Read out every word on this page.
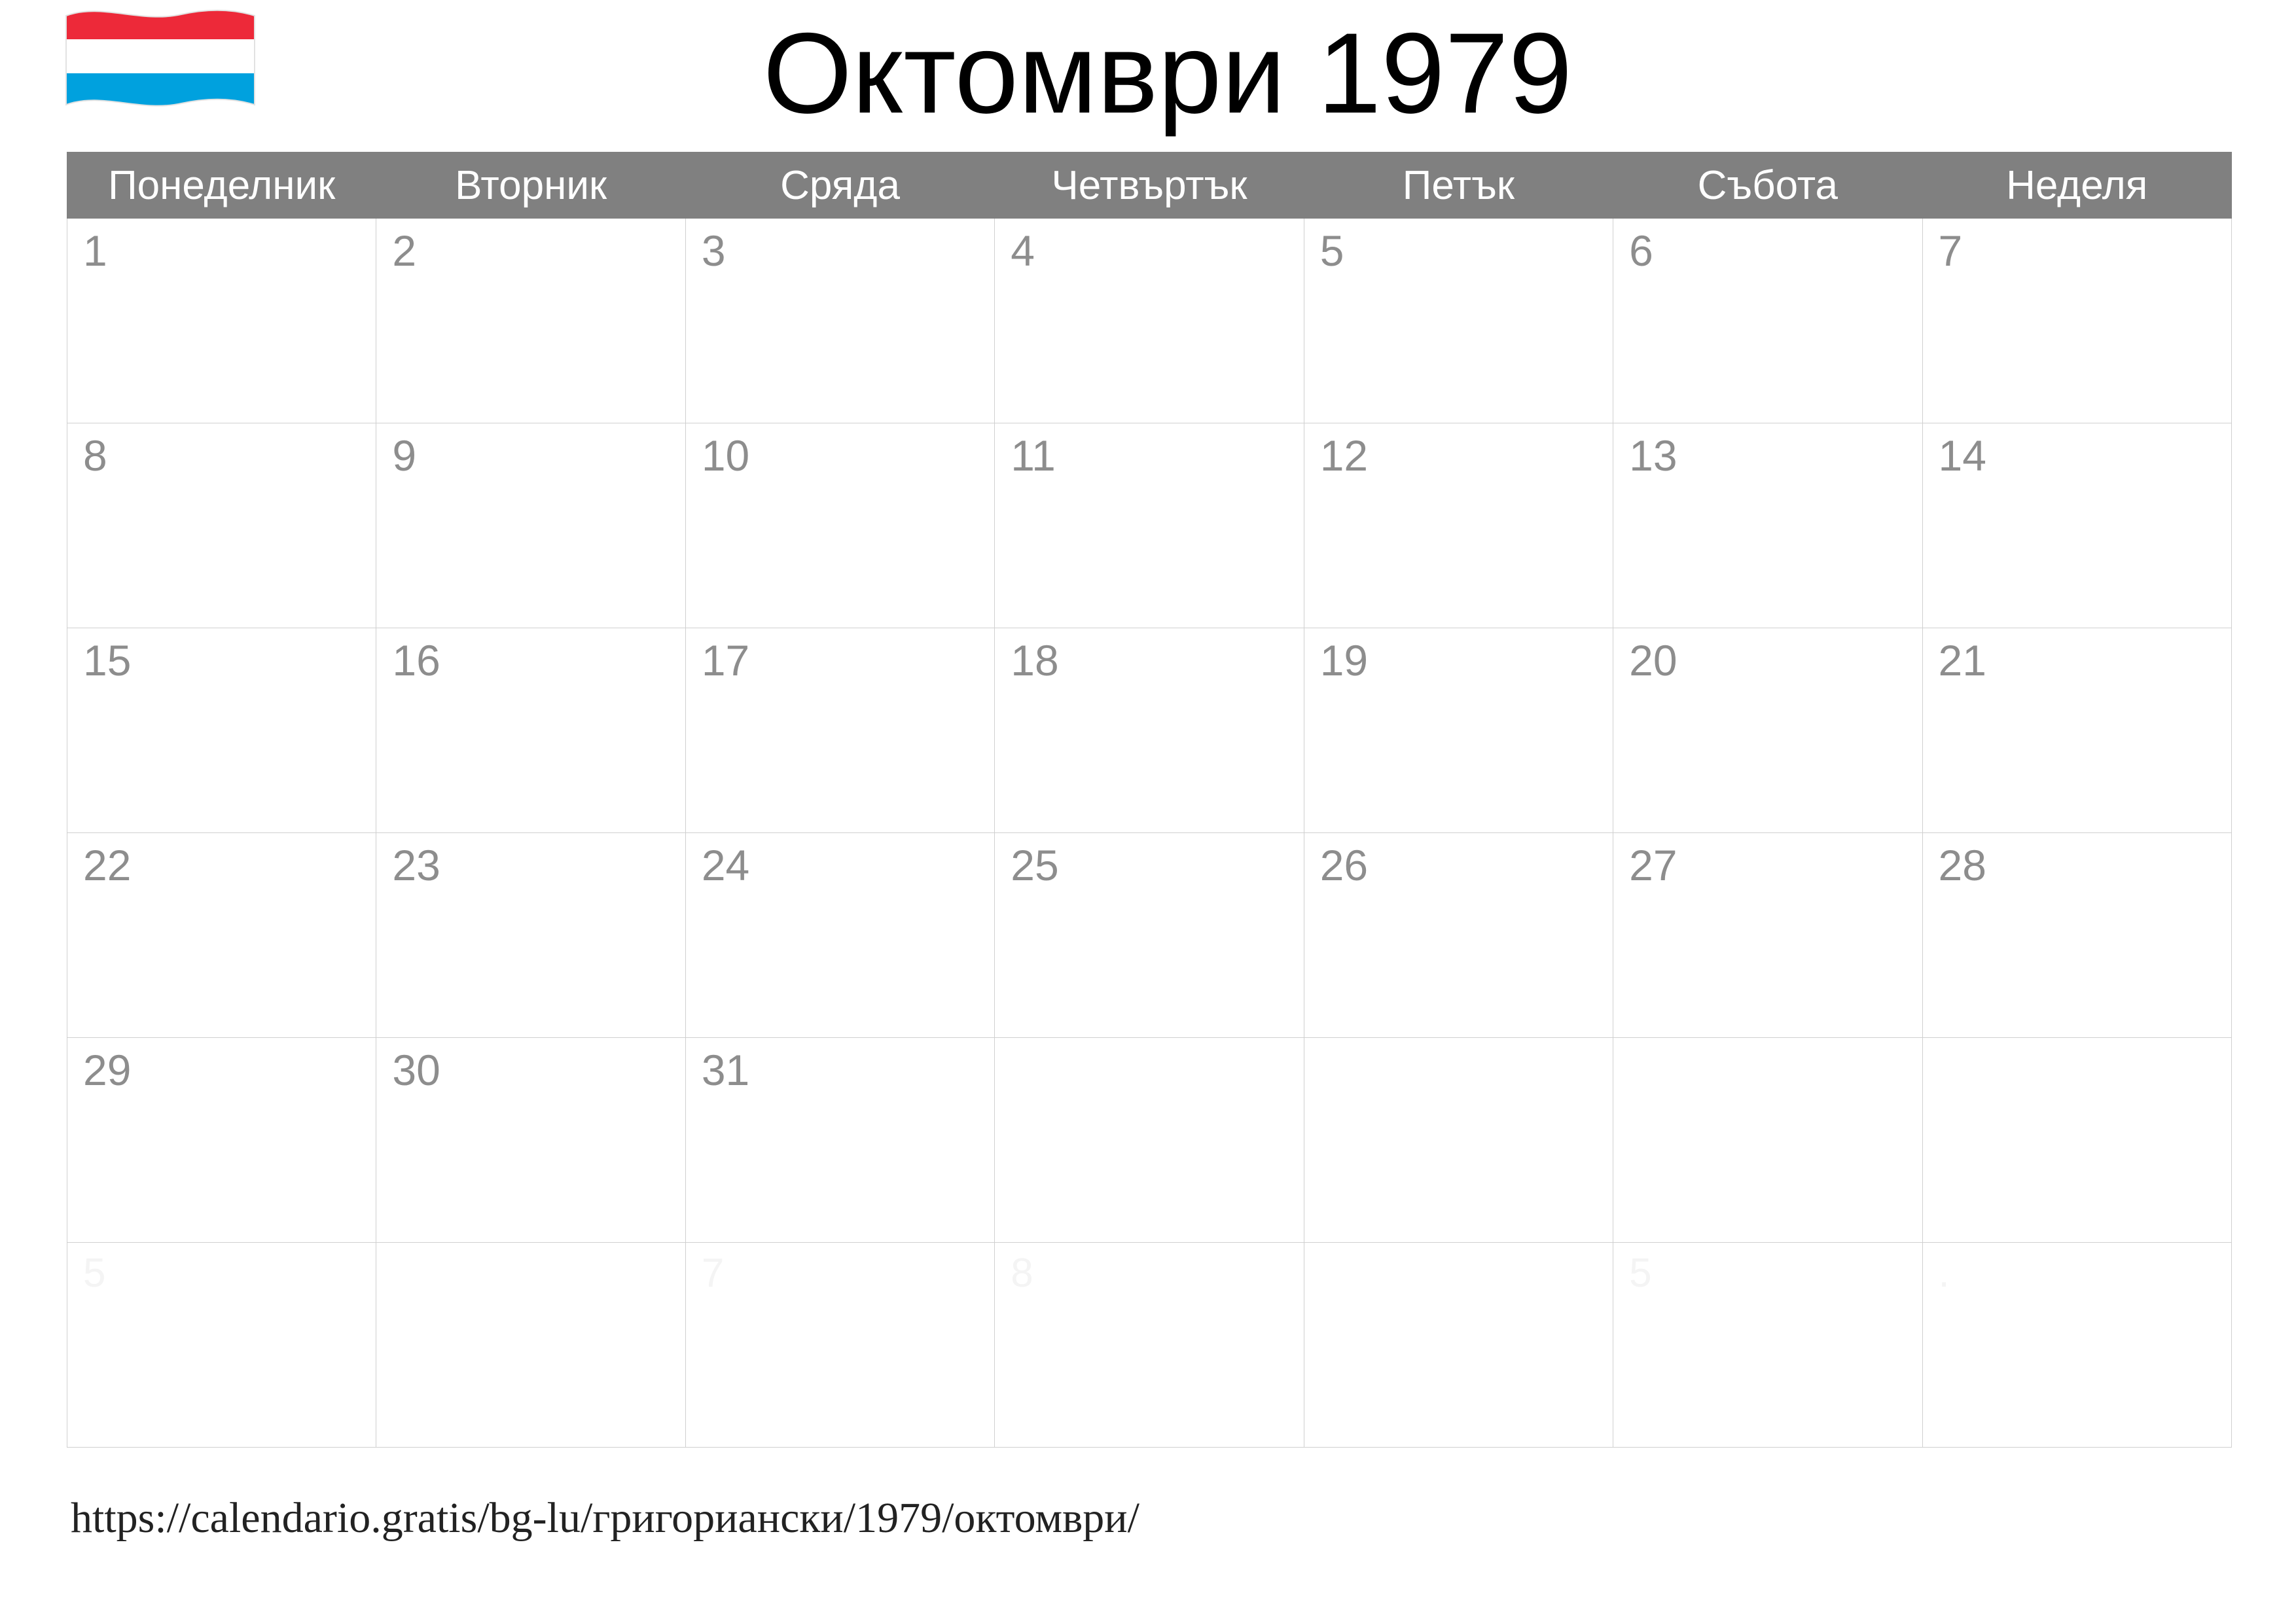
Октомври 1979
Понеделник	Вторник	Сряда	Четвъртък	Петък	Събота	Неделя

1	2	3	4	5	6	7

8	9	10	11	12	13	14

15	16	17	18	19	20	21

22	23	24	25	26	27	28

29	30	31				

5		7	8		5	.
https://calendario.gratis/bg-lu/григориански/1979/октомври/
